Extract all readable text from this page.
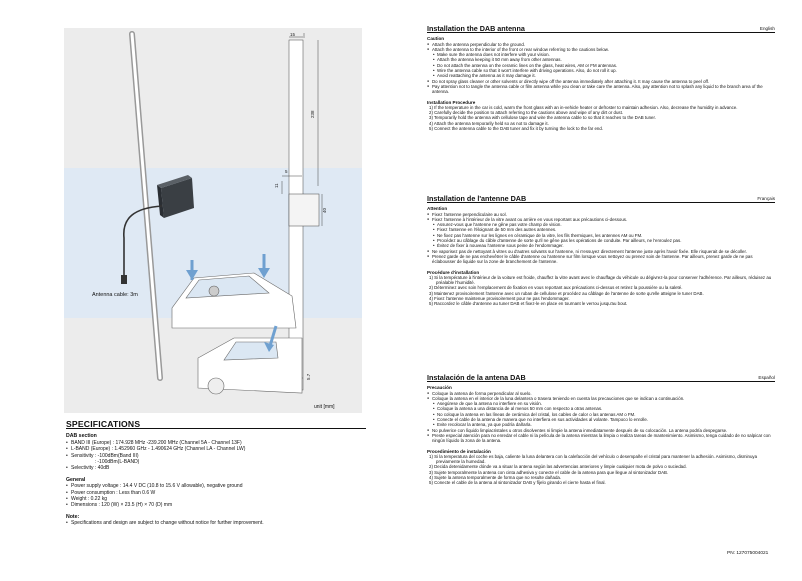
15
238
5
11
40
5.7
Antenna cable: 3m
unit [mm]
SPECIFICATIONS
DAB section
• BAND III (Europe) : 174.928 MHz -239.200 MHz (Channel 5A - Channel 13F)
• L-BAND (Europe) : 1.452960 GHz - 1.490624 GHz (Channel LA - Channel LW)
• Sensitivity : -100dBm(Band III)
: -100dBm(L-BAND)
• Selectivity : 40dB
General
• Power supply voltage : 14.4 V DC (10.8 to 15.6 V allowable), negative ground
• Power consumption : Less than 0.6 W
• Weight : 0.22 kg
• Dimensions : 120 (W) × 23.5 (H) × 70 (D) mm
Note:
• Specifications and design are subject to change without notice for further improvement.
Installation the DAB antenna	English
Caution
● Attach the antenna perpendicular to the ground.
● Attach the antenna to the interior of the front or rear window referring to the cautions below.
• Make sure the antenna does not interfere with your vision.
• Attach the antenna keeping it 50 mm away from other antennas.
• Do not attach the antenna on the ceramic lines on the glass, heat wires, AM or FM antennas.
• Wire the antenna cable so that it won't interfere with driving operations. Also, do not roll it up.
• Avoid reattaching the antenna as it may damage it.
● Do not spray glass cleaner or other solvents or directly wipe off the antenna immediately after attaching it. It may cause the antenna to peel off.
● Pay attention not to tangle the antenna cable or film antenna while you clean or take care the antenna. Also, pay attention not to splash any liquid to the branch area of the antenna.
Installation Procedure
1) If the temperature in the car is cold, warm the front glass with an in-vehicle heater or defroster to maintain adhesion. Also, decrease the humidity in advance.
2) Carefully decide the position to attach referring to the cautions above and wipe of any dirt or dust.
3) Temporarily hold the antenna with cellulose tape and wire the antenna cable to so that it reaches to the DAB tuner.
4) Attach the antenna temporarily held so as not to damage it.
5) Connect the antenna cable to the DAB tuner and fix it by turning the lock to the far end.
Installation de l'antenne DAB	Français
Attention
● Fixez l'antenne perpendiculaire au sol.
● Fixez l'antenne à l'intérieur de la vitre avant ou arrière en vous reportant aux précautions ci-dessous.
• Assurez-vous que l'antenne ne gêne pas votre champ de vision.
• Fixez l'antenne en l'éloignant de 50 mm des autres antennes.
• Ne fixez pas l'antenne sur les lignes en céramique de la vitre, les fils thermiques, les antennes AM ou FM.
• Procédez au câblage du câble d'antenne de sorte qu'il ne gêne pas les opérations de conduite. Par ailleurs, ne l'enroulez pas.
• Évitez de fixer à nouveau l'antenne sous peine de l'endommager.
● Ne vaporisez pas de nettoyant à vitres ou d'autres solvants sur l'antenne, ni n'essuyez directement l'antenne juste après l'avoir fixée. Elle risquerait de se décoller.
● Prenez garde de ne pas enchevêtrer le câble d'antenne ou l'antenne sur film lorsque vous nettoyez ou prenez soin de l'antenne. Par ailleurs, prenez garde de ne pas éclabousser de liquide sur la zone de branchement de l'antenne.
Procédure d'installation
1) Si la température à l'intérieur de la voiture est froide, chauffez la vitre avant avec le chauffage du véhicule ou dégivrez-la pour conserver l'adhérence. Par ailleurs, réduisez au préalable l'humidité.
2) Déterminez avec soin l'emplacement de fixation en vous reportant aux précautions ci-dessus et retirez la poussière ou la saleté.
3) Maintenez provisoirement l'antenne avec un ruban de cellulose et procédez au câblage de l'antenne de sorte qu'elle atteigne le tuner DAB.
4) Fixez l'antenne maintenue provisoirement pour ne pas l'endommager.
5) Raccordez le câble d'antenne au tuner DAB et fixez-le en place en tournant le verrou jusqu'au bout.
Instalación de la antena DAB	Español
Precaución
● Coloque la antena de forma perpendicular al suelo.
● Coloque la antena en el interior de la luna delantera o trasera teniendo en cuenta las precauciones que se indican a continuación.
• Asegúrese de que la antena no interfiere en su visión.
• Coloque la antena a una distancia de al menos 50 mm con respecto a otras antenas.
• No coloque la antena en las líneas de cerámica del cristal, los cables de calor o las antenas AM o FM.
• Conecte el cable de la antena de manera que no interfiera en sus actividades al volante. Tampoco lo enrolle.
• Evite recolocar la antena, ya que podría dañarla.
● No pulverice con líquido limpiacristales u otros disolventes ni limpie la antena inmediatamente después de su colocación. La antena podría despegarse.
● Preste especial atención para no enredar el cable ni la película de la antena mientras la limpia o realiza tareas de mantenimiento. Asimismo, tenga cuidado de no salpicar con ningún líquido la zona de la antena.
Procedimiento de instalación
1) Si la temperatura del coche es baja, caliente la luna delantera con la calefacción del vehículo o desempañe el cristal para mantener la adhesión. Asimismo, disminuya previamente la humedad.
2) Decida detenidamente dónde va a situar la antena según las advertencias anteriores y limpie cualquier mota de polvo o suciedad.
3) Sujete temporalmente la antena con cinta adhesiva y conecte el cable de la antena para que llegue al sintonizador DAB.
4) Sujete la antena temporalmente de forma que no resulte dañada.
5) Conecte el cable de la antena al sintonizador DAB y fíjelo girando el cierre hasta el final.
PN: 127075004021
